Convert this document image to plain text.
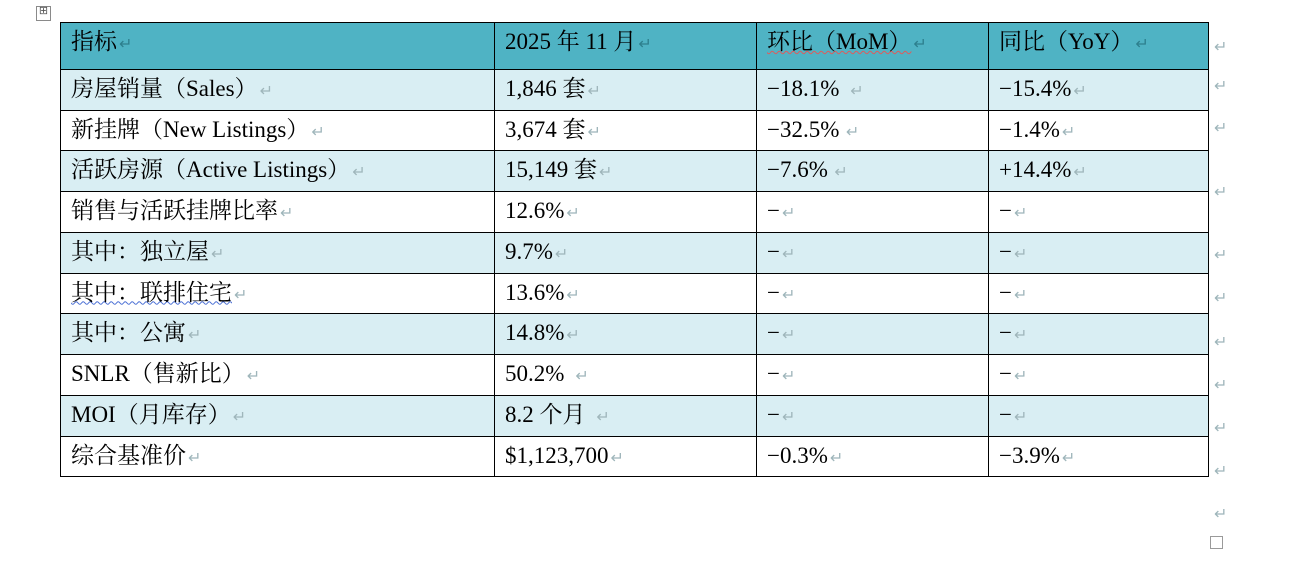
⊞
指标 ↵	2025 年 11 月 ↵	环比（MoM） ↵	同比（YoY） ↵
房屋销量（Sales） ↵	1,846 套 ↵	−18.1%  ↵	−15.4% ↵
新挂牌（New Listings） ↵	3,674 套 ↵	−32.5% ↵	−1.4% ↵
活跃房源（Active Listings） ↵	15,149 套 ↵	−7.6% ↵	+14.4% ↵
销售与活跃挂牌比率 ↵	12.6% ↵	− ↵	− ↵
其中：独立屋 ↵	9.7% ↵	− ↵	− ↵
其中：联排住宅 ↵	13.6% ↵	− ↵	− ↵
其中：公寓 ↵	14.8% ↵	− ↵	− ↵
SNLR（售新比） ↵	50.2%  ↵	− ↵	− ↵
MOI（月库存） ↵	8.2 个月  ↵	− ↵	− ↵
综合基准价 ↵	$1,123,700 ↵	−0.3% ↵	−3.9% ↵
↵
↵
↵
↵
↵
↵
↵
↵
↵
↵
↵
